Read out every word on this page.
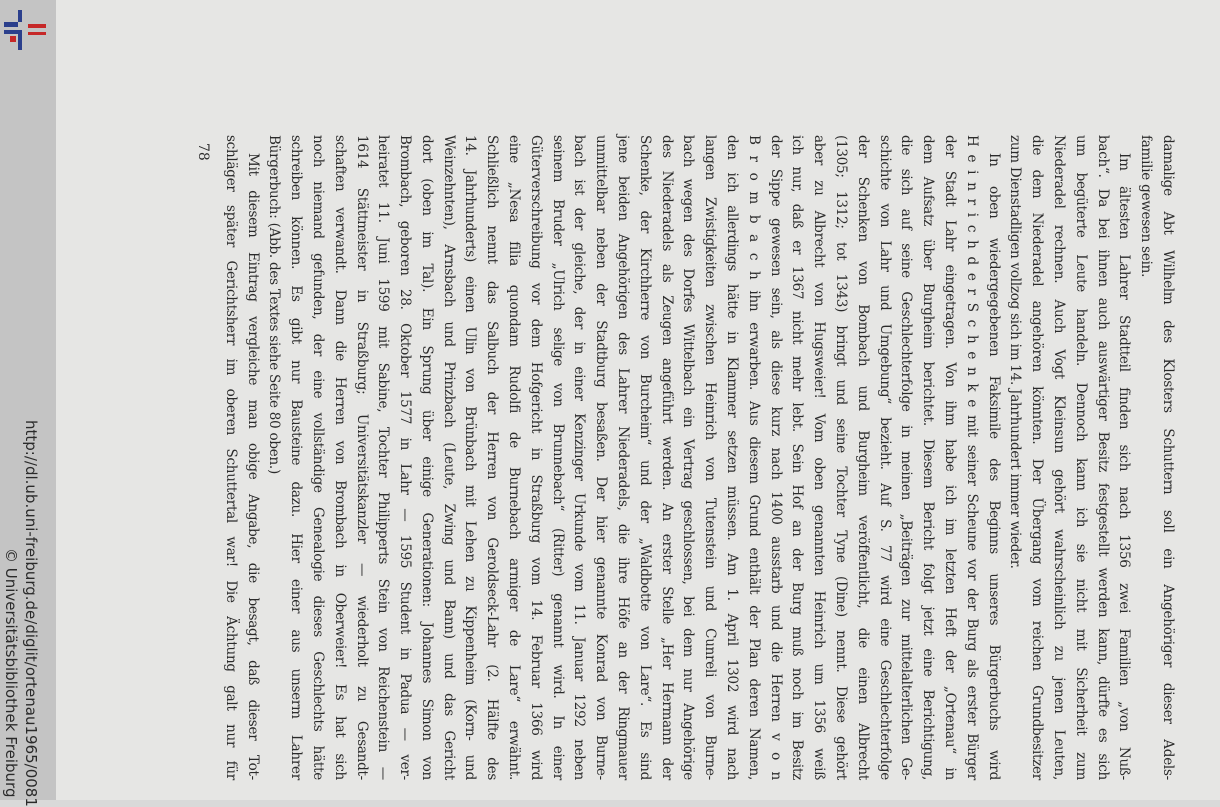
http://dl.ub.uni-freiburg.de/diglit/ortenau1965/0081
© Universitätsbibliothek Freiburg
78	damalige Abt Wilhelm des Klosters Schuttern soll ein Angehöriger dieser Adels-
familie gewesen sein.
Im ältesten Lahrer Stadtteil finden sich nach 1356 zwei Familien „von Nuß-
bach“. Da bei ihnen auch auswärtiger Besitz festgestellt werden kann, dürfte es sich
um begüterte Leute handeln. Dennoch kann ich sie nicht mit Sicherheit zum
Niederadel rechnen. Auch Vogt Kleinsun gehört wahrscheinlich zu jenen Leuten,
die dem Niederadel angehören könnten. Der Übergang vom reichen Grundbesitzer
zum Dienstadligen vollzog sich im 14. Jahrhundert immer wieder.
In oben wiedergegebenen Faksimile des Beginns unseres Bürgerbuchs wird
H e i n r i c h d e r S c h e n k e mit seiner Scheune vor der Burg als erster Bürger
der Stadt Lahr eingetragen. Von ihm habe ich im letzten Heft der „Ortenau“ in
dem Aufsatz über Burgheim berichtet. Diesem Bericht folgt jetzt eine Berichtigung,
die sich auf seine Geschlechterfolge in meinen „Beiträgen zur mittelalterlichen Ge-
schichte von Lahr und Umgebung“ bezieht. Auf S. 77 wird eine Geschlechterfolge
der Schenken von Bombach und Burgheim veröffentlicht, die einen Albrecht
(1305; 1312; tot 1343) bringt und seine Tochter Tyne (Dine) nennt. Diese gehört
aber zu Albrecht von Hugsweier! Vom oben genannten Heinrich um 1356 weiß
ich nur, daß er 1367 nicht mehr lebt. Sein Hof an der Burg muß noch im Besitz
der Sippe gewesen sein, als diese kurz nach 1400 ausstarb und die Herren v o n
B r o m b a c h ihn erwarben. Aus diesem Grund enthält der Plan deren Namen,
den ich allerdings hätte in Klammer setzen müssen. Am 1. April 1302 wird nach
langen Zwistigkeiten zwischen Heinrich von Tutenstein und Cunreli von Burne-
bach wegen des Dorfes Wittelbach ein Vertrag geschlossen, bei dem nur Angehörige
des Niederadels als Zeugen angeführt werden. An erster Stelle „Her Hermann der
Schenke, der Kirchherre von Burcheim“ und der „Waldbotte von Lare“. Es sind
jene beiden Angehörigen des Lahrer Niederadels, die ihre Höfe an der Ringmauer
unmittelbar neben der Stadtburg besaßen. Der hier genannte Konrad von Burne-
bach ist der gleiche, der in einer Kenzinger Urkunde vom 11. Januar 1292 neben
seinem Bruder „Ulrich selige von Brunnebach“ (Ritter) genannt wird. In einer
Güterverschreibung vor dem Hofgericht in Straßburg vom 14. Februar 1366 wird
eine „Nesa filia quondam Rudolfi de Burnebach armiger de Lare“ erwähnt.
Schließlich nennt das Salbuch der Herren von Geroldseck-Lahr (2. Hälfte des
14. Jahrhunderts) einen Ulin von Brünbach mit Lehen zu Kippenheim (Korn- und
Weinzehnten), Arnsbach und Prinzbach (Leute, Zwing und Bann) und das Gericht
dort (oben im Tal). Ein Sprung über einige Generationen: Johannes Simon von
Brombach, geboren 28. Oktober 1577 in Lahr — 1595 Student in Padua — ver-
heiratet 11. Juni 1599 mit Sabine, Tochter Philipperts Stein von Reichenstein —
1614 Stättmeister in Straßburg; Universitätskanzler — wiederholt zu Gesandt-
schaften verwandt. Dann die Herren von Brombach in Oberweier! Es hat sich
noch niemand gefunden, der eine vollständige Genealogie dieses Geschlechts hätte
schreiben können. Es gibt nur Bausteine dazu. Hier einer aus unserm Lahrer
Bürgerbuch: (Abb. des Textes siehe Seite 80 oben.)
Mit diesem Eintrag vergleiche man obige Angabe, die besagt, daß dieser Tot-
schläger später Gerichtsherr im oberen Schuttertal war! Die Ächtung galt nur für
